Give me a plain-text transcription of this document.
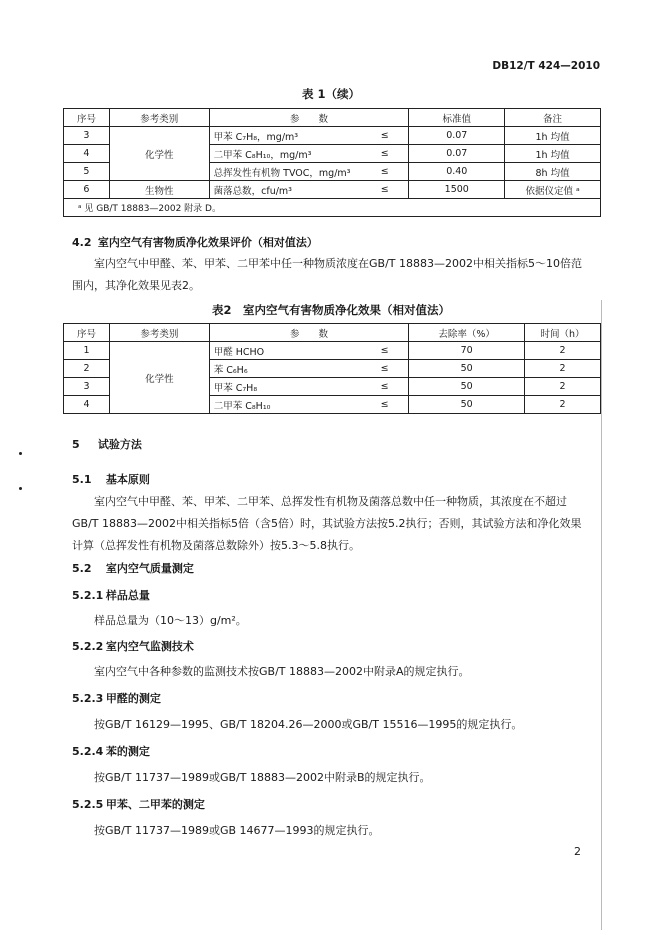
DB12/T 424—2010
表 1（续）
序号	参考类别	参　　数		标准值	备注
3	化学性	甲苯 C₇H₈，mg/m³	≤	0.07	1h 均值
4		二甲苯 C₈H₁₀，mg/m³	≤	0.07	1h 均值
5		总挥发性有机物 TVOC，mg/m³	≤	0.40	8h 均值
6	生物性	菌落总数，cfu/m³	≤	1500	依据仪定值 ᵃ
ᵃ 见 GB/T 18883—2002 附录 D。					
4.2 室内空气有害物质净化效果评价（相对值法）
室内空气中甲醛、苯、甲苯、二甲苯中任一种物质浓度在GB/T 18883—2002中相关指标5～10倍范围内，其净化效果见表2。
表2　室内空气有害物质净化效果（相对值法）
序号	参考类别	参　　数		去除率（%）	时间（h）
1	化学性	甲醛 HCHO	≤	70	2
2		苯 C₆H₆	≤	50	2
3		甲苯 C₇H₈	≤	50	2
4		二甲苯 C₈H₁₀	≤	50	2
5 试验方法
5.1 基本原则
室内空气中甲醛、苯、甲苯、二甲苯、总挥发性有机物及菌落总数中任一种物质，其浓度在不超过GB/T 18883—2002中相关指标5倍（含5倍）时，其试验方法按5.2执行；否则，其试验方法和净化效果计算（总挥发性有机物及菌落总数除外）按5.3～5.8执行。
5.2 室内空气质量测定
5.2.1 样品总量
样品总量为（10～13）g/m²。
5.2.2 室内空气监测技术
室内空气中各种参数的监测技术按GB/T 18883—2002中附录A的规定执行。
5.2.3 甲醛的测定
按GB/T 16129—1995、GB/T 18204.26—2000或GB/T 15516—1995的规定执行。
5.2.4 苯的测定
按GB/T 11737—1989或GB/T 18883—2002中附录B的规定执行。
5.2.5 甲苯、二甲苯的测定
按GB/T 11737—1989或GB 14677—1993的规定执行。
2
